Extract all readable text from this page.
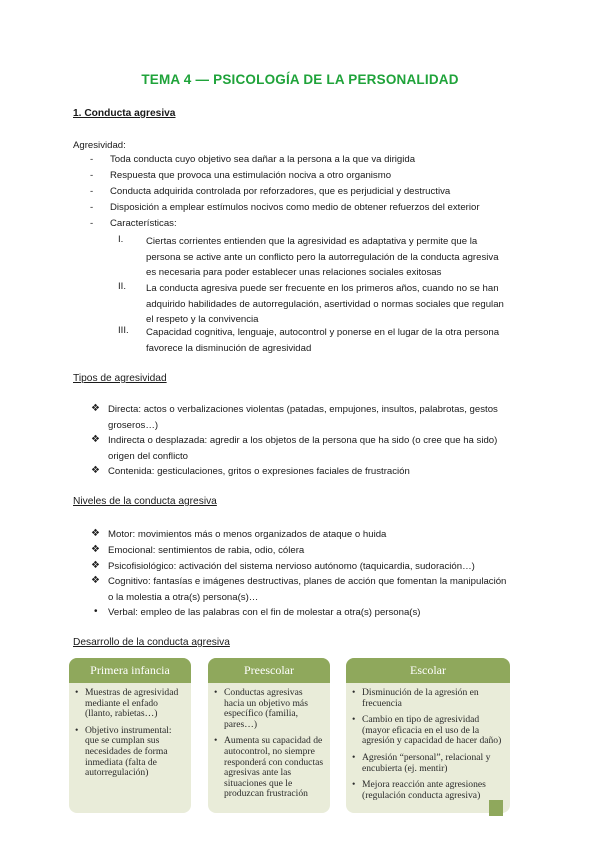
TEMA 4 — PSICOLOGÍA DE LA PERSONALIDAD
1. Conducta agresiva
Agresividad:
- Toda conducta cuyo objetivo sea dañar a la persona a la que va dirigida
- Respuesta que provoca una estimulación nociva a otro organismo
- Conducta adquirida controlada por reforzadores, que es perjudicial y destructiva
- Disposición a emplear estímulos nocivos como medio de obtener refuerzos del exterior
- Características:
I. Ciertas corrientes entienden que la agresividad es adaptativa y permite que la
persona se active ante un conflicto pero la autorregulación de la conducta agresiva
es necesaria para poder establecer unas relaciones sociales exitosas
II. La conducta agresiva puede ser frecuente en los primeros años, cuando no se han
adquirido habilidades de autorregulación, asertividad o normas sociales que regulan
el respeto y la convivencia
III. Capacidad cognitiva, lenguaje, autocontrol y ponerse en el lugar de la otra persona
favorece la disminución de agresividad
Tipos de agresividad
❖ Directa: actos o verbalizaciones violentas (patadas, empujones, insultos, palabrotas, gestos
groseros…)
❖ Indirecta o desplazada: agredir a los objetos de la persona que ha sido (o cree que ha sido)
origen del conflicto
❖ Contenida: gesticulaciones, gritos o expresiones faciales de frustración
Niveles de la conducta agresiva
❖ Motor: movimientos más o menos organizados de ataque o huida
❖ Emocional: sentimientos de rabia, odio, cólera
❖ Psicofisiológico: activación del sistema nervioso autónomo (taquicardia, sudoración…)
❖ Cognitivo: fantasías e imágenes destructivas, planes de acción que fomentan la manipulación
o la molestia a otra(s) persona(s)…
• Verbal: empleo de las palabras con el fin de molestar a otra(s) persona(s)
Desarrollo de la conducta agresiva
Primera infancia
• Muestras de agresividad mediante el enfado (llanto, rabietas…)
• Objetivo instrumental: que se cumplan sus necesidades de forma inmediata (falta de autorregulación)
Preescolar
• Conductas agresivas hacia un objetivo más específico (familia, pares…)
• Aumenta su capacidad de autocontrol, no siempre responderá con conductas agresivas ante las situaciones que le produzcan frustración
Escolar
• Disminución de la agresión en frecuencia
• Cambio en tipo de agresividad (mayor eficacia en el uso de la agresión y capacidad de hacer daño)
• Agresión “personal”, relacional y encubierta (ej. mentir)
• Mejora reacción ante agresiones (regulación conducta agresiva)
